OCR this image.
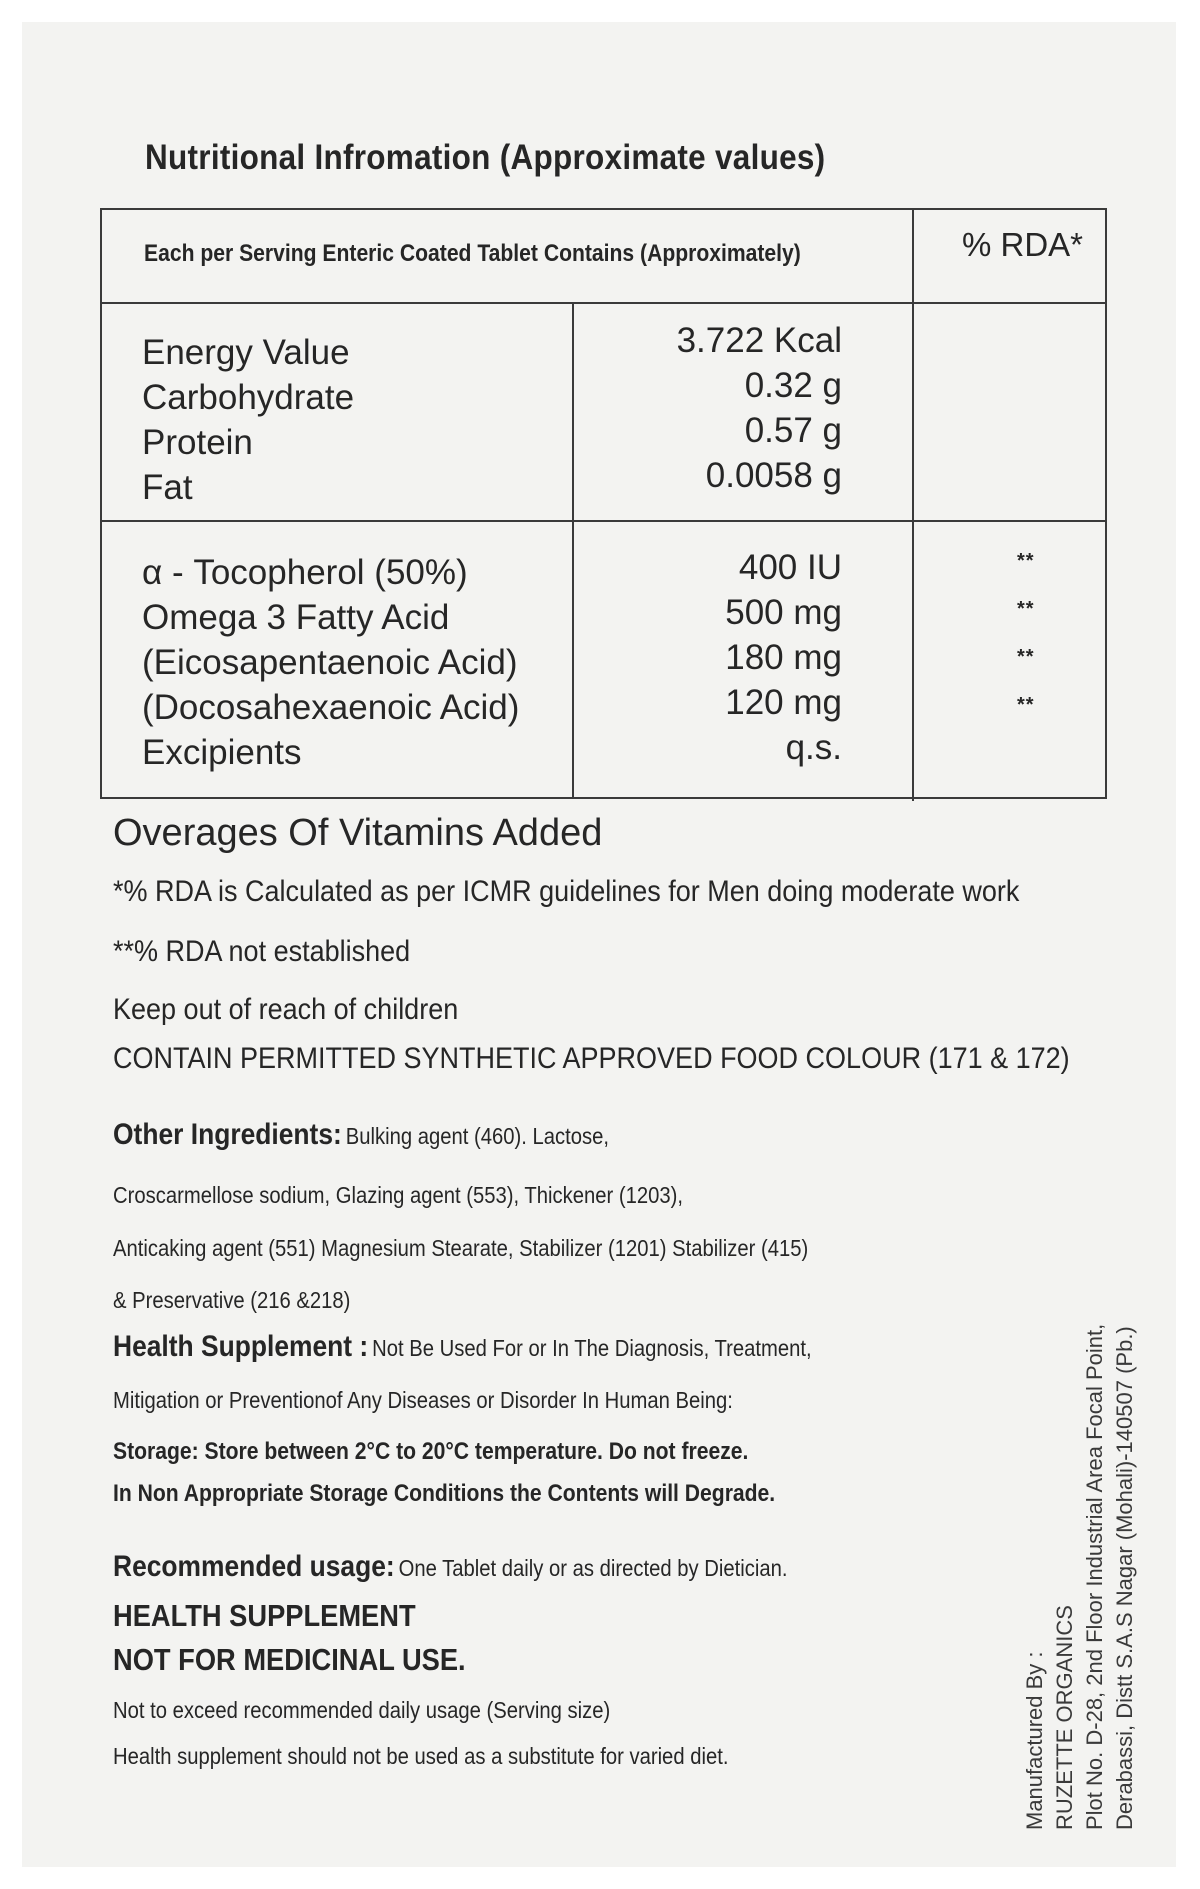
Nutritional Infromation (Approximate values)
Each per Serving Enteric Coated Tablet Contains (Approximately)	% RDA*
Energy Value
Carbohydrate
Protein
Fat
3.722 Kcal
0.32 g
0.57 g
0.0058 g
α - Tocopherol (50%)
Omega 3 Fatty Acid
(Eicosapentaenoic Acid)
(Docosahexaenoic Acid)
Excipients
400 IU
500 mg
180 mg
120 mg
q.s.
**
**
**
**
Overages Of Vitamins Added
*% RDA is Calculated as per ICMR guidelines for Men doing moderate work
**% RDA not established
Keep out of reach of children
CONTAIN PERMITTED SYNTHETIC APPROVED FOOD COLOUR (171 & 172)
Other Ingredients: Bulking agent (460). Lactose,
Croscarmellose sodium, Glazing agent (553), Thickener (1203),
Anticaking agent (551) Magnesium Stearate, Stabilizer (1201) Stabilizer (415)
& Preservative (216 &218)
Health Supplement : Not Be Used For or In The Diagnosis, Treatment,
Mitigation or Preventionof Any Diseases or Disorder In Human Being:
Storage: Store between 2°C to 20°C temperature. Do not freeze.
In Non Appropriate Storage Conditions the Contents will Degrade.
Recommended usage: One Tablet daily or as directed by Dietician.
HEALTH SUPPLEMENT
NOT FOR MEDICINAL USE.
Not to exceed recommended daily usage (Serving size)
Health supplement should not be used as a substitute for varied diet.	Manufactured By : RUZETTE ORGANICS Plot No. D-28, 2nd Floor Industrial Area Focal Point, Derabassi, Distt S.A.S Nagar (Mohali)-140507 (Pb.)
